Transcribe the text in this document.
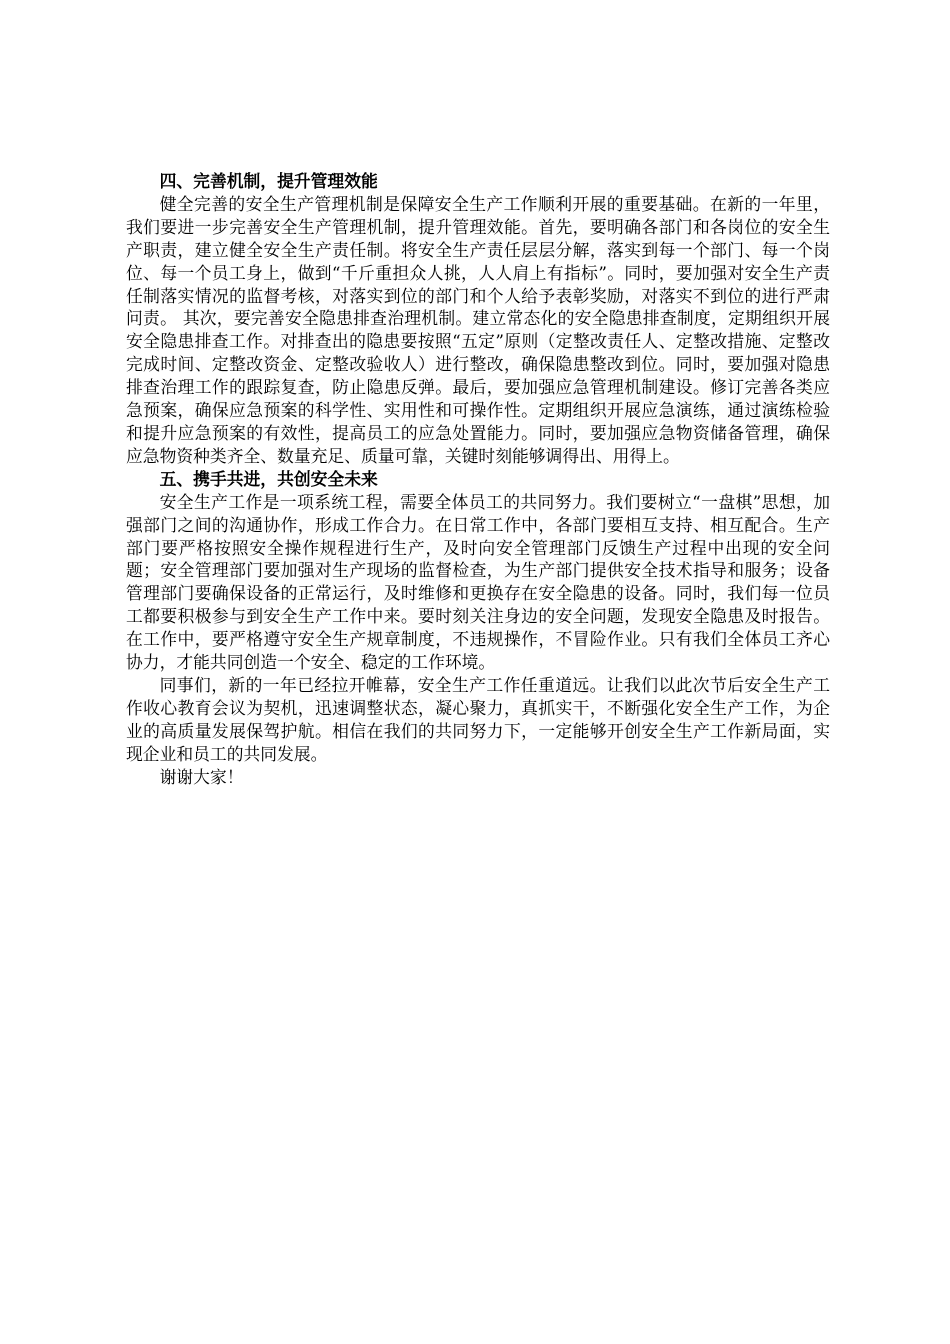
四、完善机制，提升管理效能

健全完善的安全生产管理机制是保障安全生产工作顺利开展的重要基础。在新的一年里，我们要进一步完善安全生产管理机制，提升管理效能。首先，要明确各部门和各岗位的安全生产职责，建立健全安全生产责任制。将安全生产责任层层分解，落实到每一个部门、每一个岗位、每一个员工身上，做到“千斤重担众人挑，人人肩上有指标”。同时，要加强对安全生产责任制落实情况的监督考核，对落实到位的部门和个人给予表彰奖励，对落实不到位的进行严肃问责。 其次，要完善安全隐患排查治理机制。建立常态化的安全隐患排查制度，定期组织开展安全隐患排查工作。对排查出的隐患要按照“五定”原则（定整改责任人、定整改措施、定整改完成时间、定整改资金、定整改验收人）进行整改，确保隐患整改到位。同时，要加强对隐患排查治理工作的跟踪复查，防止隐患反弹。最后，要加强应急管理机制建设。修订完善各类应急预案，确保应急预案的科学性、实用性和可操作性。定期组织开展应急演练，通过演练检验和提升应急预案的有效性，提高员工的应急处置能力。同时，要加强应急物资储备管理，确保应急物资种类齐全、数量充足、质量可靠，关键时刻能够调得出、用得上。

五、携手共进，共创安全未来

安全生产工作是一项系统工程，需要全体员工的共同努力。我们要树立“一盘棋”思想，加强部门之间的沟通协作，形成工作合力。在日常工作中，各部门要相互支持、相互配合。生产部门要严格按照安全操作规程进行生产，及时向安全管理部门反馈生产过程中出现的安全问题；安全管理部门要加强对生产现场的监督检查，为生产部门提供安全技术指导和服务；设备管理部门要确保设备的正常运行，及时维修和更换存在安全隐患的设备。同时，我们每一位员工都要积极参与到安全生产工作中来。要时刻关注身边的安全问题，发现安全隐患及时报告。在工作中，要严格遵守安全生产规章制度，不违规操作，不冒险作业。只有我们全体员工齐心协力，才能共同创造一个安全、稳定的工作环境。

同事们，新的一年已经拉开帷幕，安全生产工作任重道远。让我们以此次节后安全生产工作收心教育会议为契机，迅速调整状态，凝心聚力，真抓实干，不断强化安全生产工作，为企业的高质量发展保驾护航。相信在我们的共同努力下，一定能够开创安全生产工作新局面，实现企业和员工的共同发展。

谢谢大家！
